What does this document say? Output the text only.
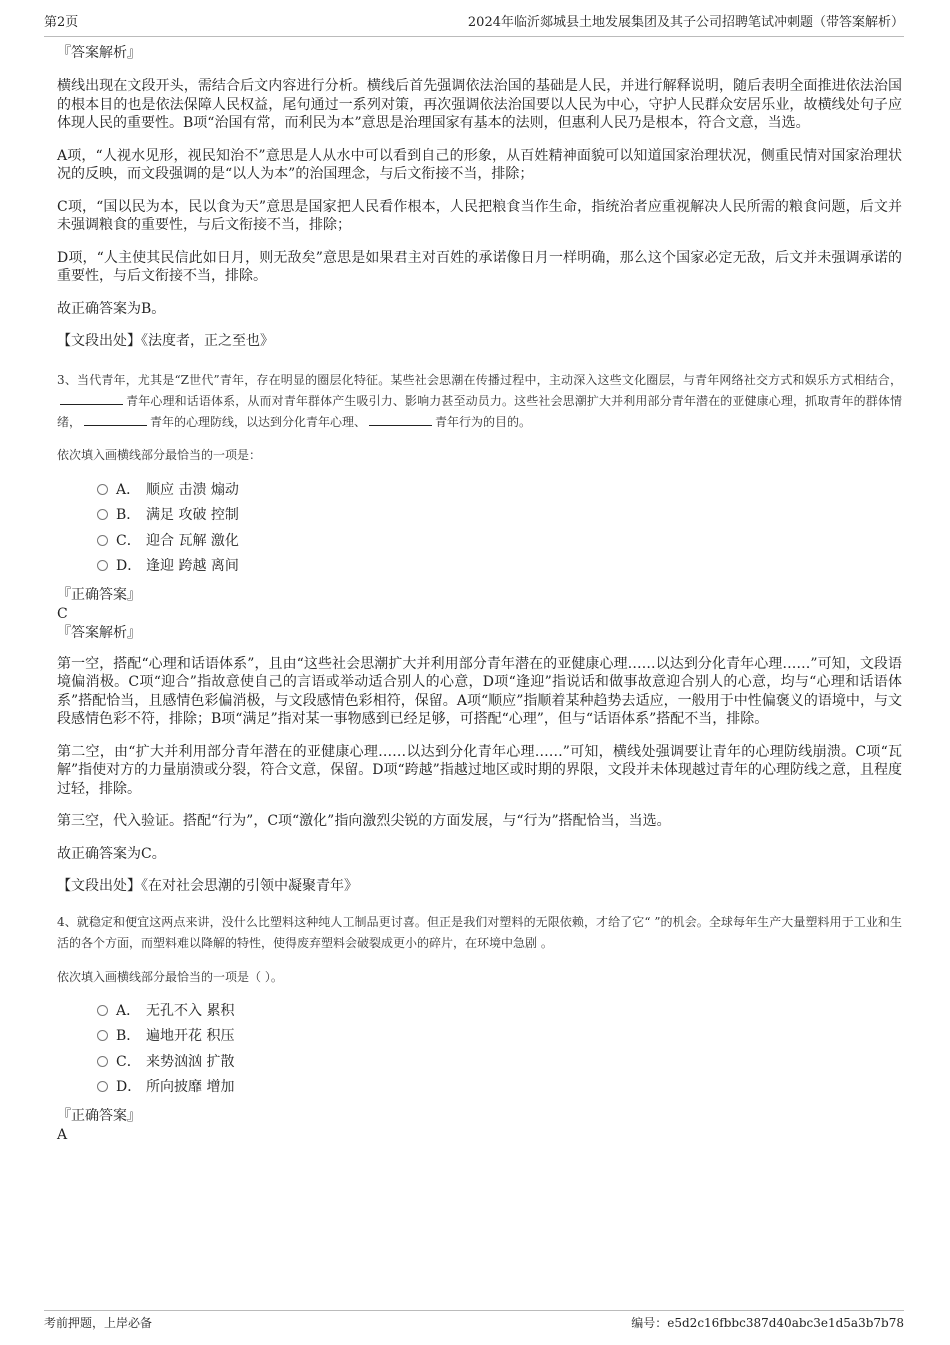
第2页	2024年临沂郯城县土地发展集团及其子公司招聘笔试冲刺题（带答案解析）
『答案解析』
横线出现在文段开头，需结合后文内容进行分析。横线后首先强调依法治国的基础是人民，并进行解释说明，随后表明全面推进依法治国的根本目的也是依法保障人民权益，尾句通过一系列对策，再次强调依法治国要以人民为中心，守护人民群众安居乐业，故横线处句子应体现人民的重要性。B项“治国有常，而利民为本”意思是治理国家有基本的法则，但惠利人民乃是根本，符合文意，当选。
A项，“人视水见形，视民知治不”意思是人从水中可以看到自己的形象，从百姓精神面貌可以知道国家治理状况，侧重民情对国家治理状况的反映，而文段强调的是“以人为本”的治国理念，与后文衔接不当，排除；
C项，“国以民为本，民以食为天”意思是国家把人民看作根本，人民把粮食当作生命，指统治者应重视解决人民所需的粮食问题，后文并未强调粮食的重要性，与后文衔接不当，排除；
D项，“人主使其民信此如日月，则无敌矣”意思是如果君主对百姓的承诺像日月一样明确，那么这个国家必定无敌，后文并未强调承诺的重要性，与后文衔接不当，排除。
故正确答案为B。
【文段出处】《法度者，正之至也》
3、当代青年，尤其是“Z世代”青年，存在明显的圈层化特征。某些社会思潮在传播过程中，主动深入这些文化圈层，与青年网络社交方式和娱乐方式相结合，青年心理和话语体系，从而对青年群体产生吸引力、影响力甚至动员力。这些社会思潮扩大并利用部分青年潜在的亚健康心理，抓取青年的群体情绪，	青年的心理防线，以达到分化青年心理、	青年行为的目的。
依次填入画横线部分最恰当的一项是：
A． 顺应 击溃 煽动
B． 满足 攻破 控制
C． 迎合 瓦解 激化
D． 逢迎 跨越 离间
『正确答案』
C
『答案解析』
第一空，搭配“心理和话语体系”，且由“这些社会思潮扩大并利用部分青年潜在的亚健康心理……以达到分化青年心理……”可知，文段语境偏消极。C项“迎合”指故意使自己的言语或举动适合别人的心意，D项“逢迎”指说话和做事故意迎合别人的心意，均与“心理和话语体系”搭配恰当，且感情色彩偏消极，与文段感情色彩相符，保留。A项“顺应”指顺着某种趋势去适应，一般用于中性偏褒义的语境中，与文段感情色彩不符，排除；B项“满足”指对某一事物感到已经足够，可搭配“心理”，但与“话语体系”搭配不当，排除。
第二空，由“扩大并利用部分青年潜在的亚健康心理……以达到分化青年心理……”可知，横线处强调要让青年的心理防线崩溃。C项“瓦解”指使对方的力量崩溃或分裂，符合文意，保留。D项“跨越”指越过地区或时期的界限，文段并未体现越过青年的心理防线之意，且程度过轻，排除。
第三空，代入验证。搭配“行为”，C项“激化”指向激烈尖锐的方面发展，与“行为”搭配恰当，当选。
故正确答案为C。
【文段出处】《在对社会思潮的引领中凝聚青年》
4、就稳定和便宜这两点来讲，没什么比塑料这种纯人工制品更讨喜。但正是我们对塑料的无限依赖，才给了它“ ”的机会。全球每年生产大量塑料用于工业和生活的各个方面，而塑料难以降解的特性，使得废弃塑料会破裂成更小的碎片，在环境中急剧 。
依次填入画横线部分最恰当的一项是（ ）。
A． 无孔不入 累积
B． 遍地开花 积压
C． 来势汹汹 扩散
D． 所向披靡 增加
『正确答案』
A
考前押题，上岸必备	编号：e5d2c16fbbc387d40abc3e1d5a3b7b78
